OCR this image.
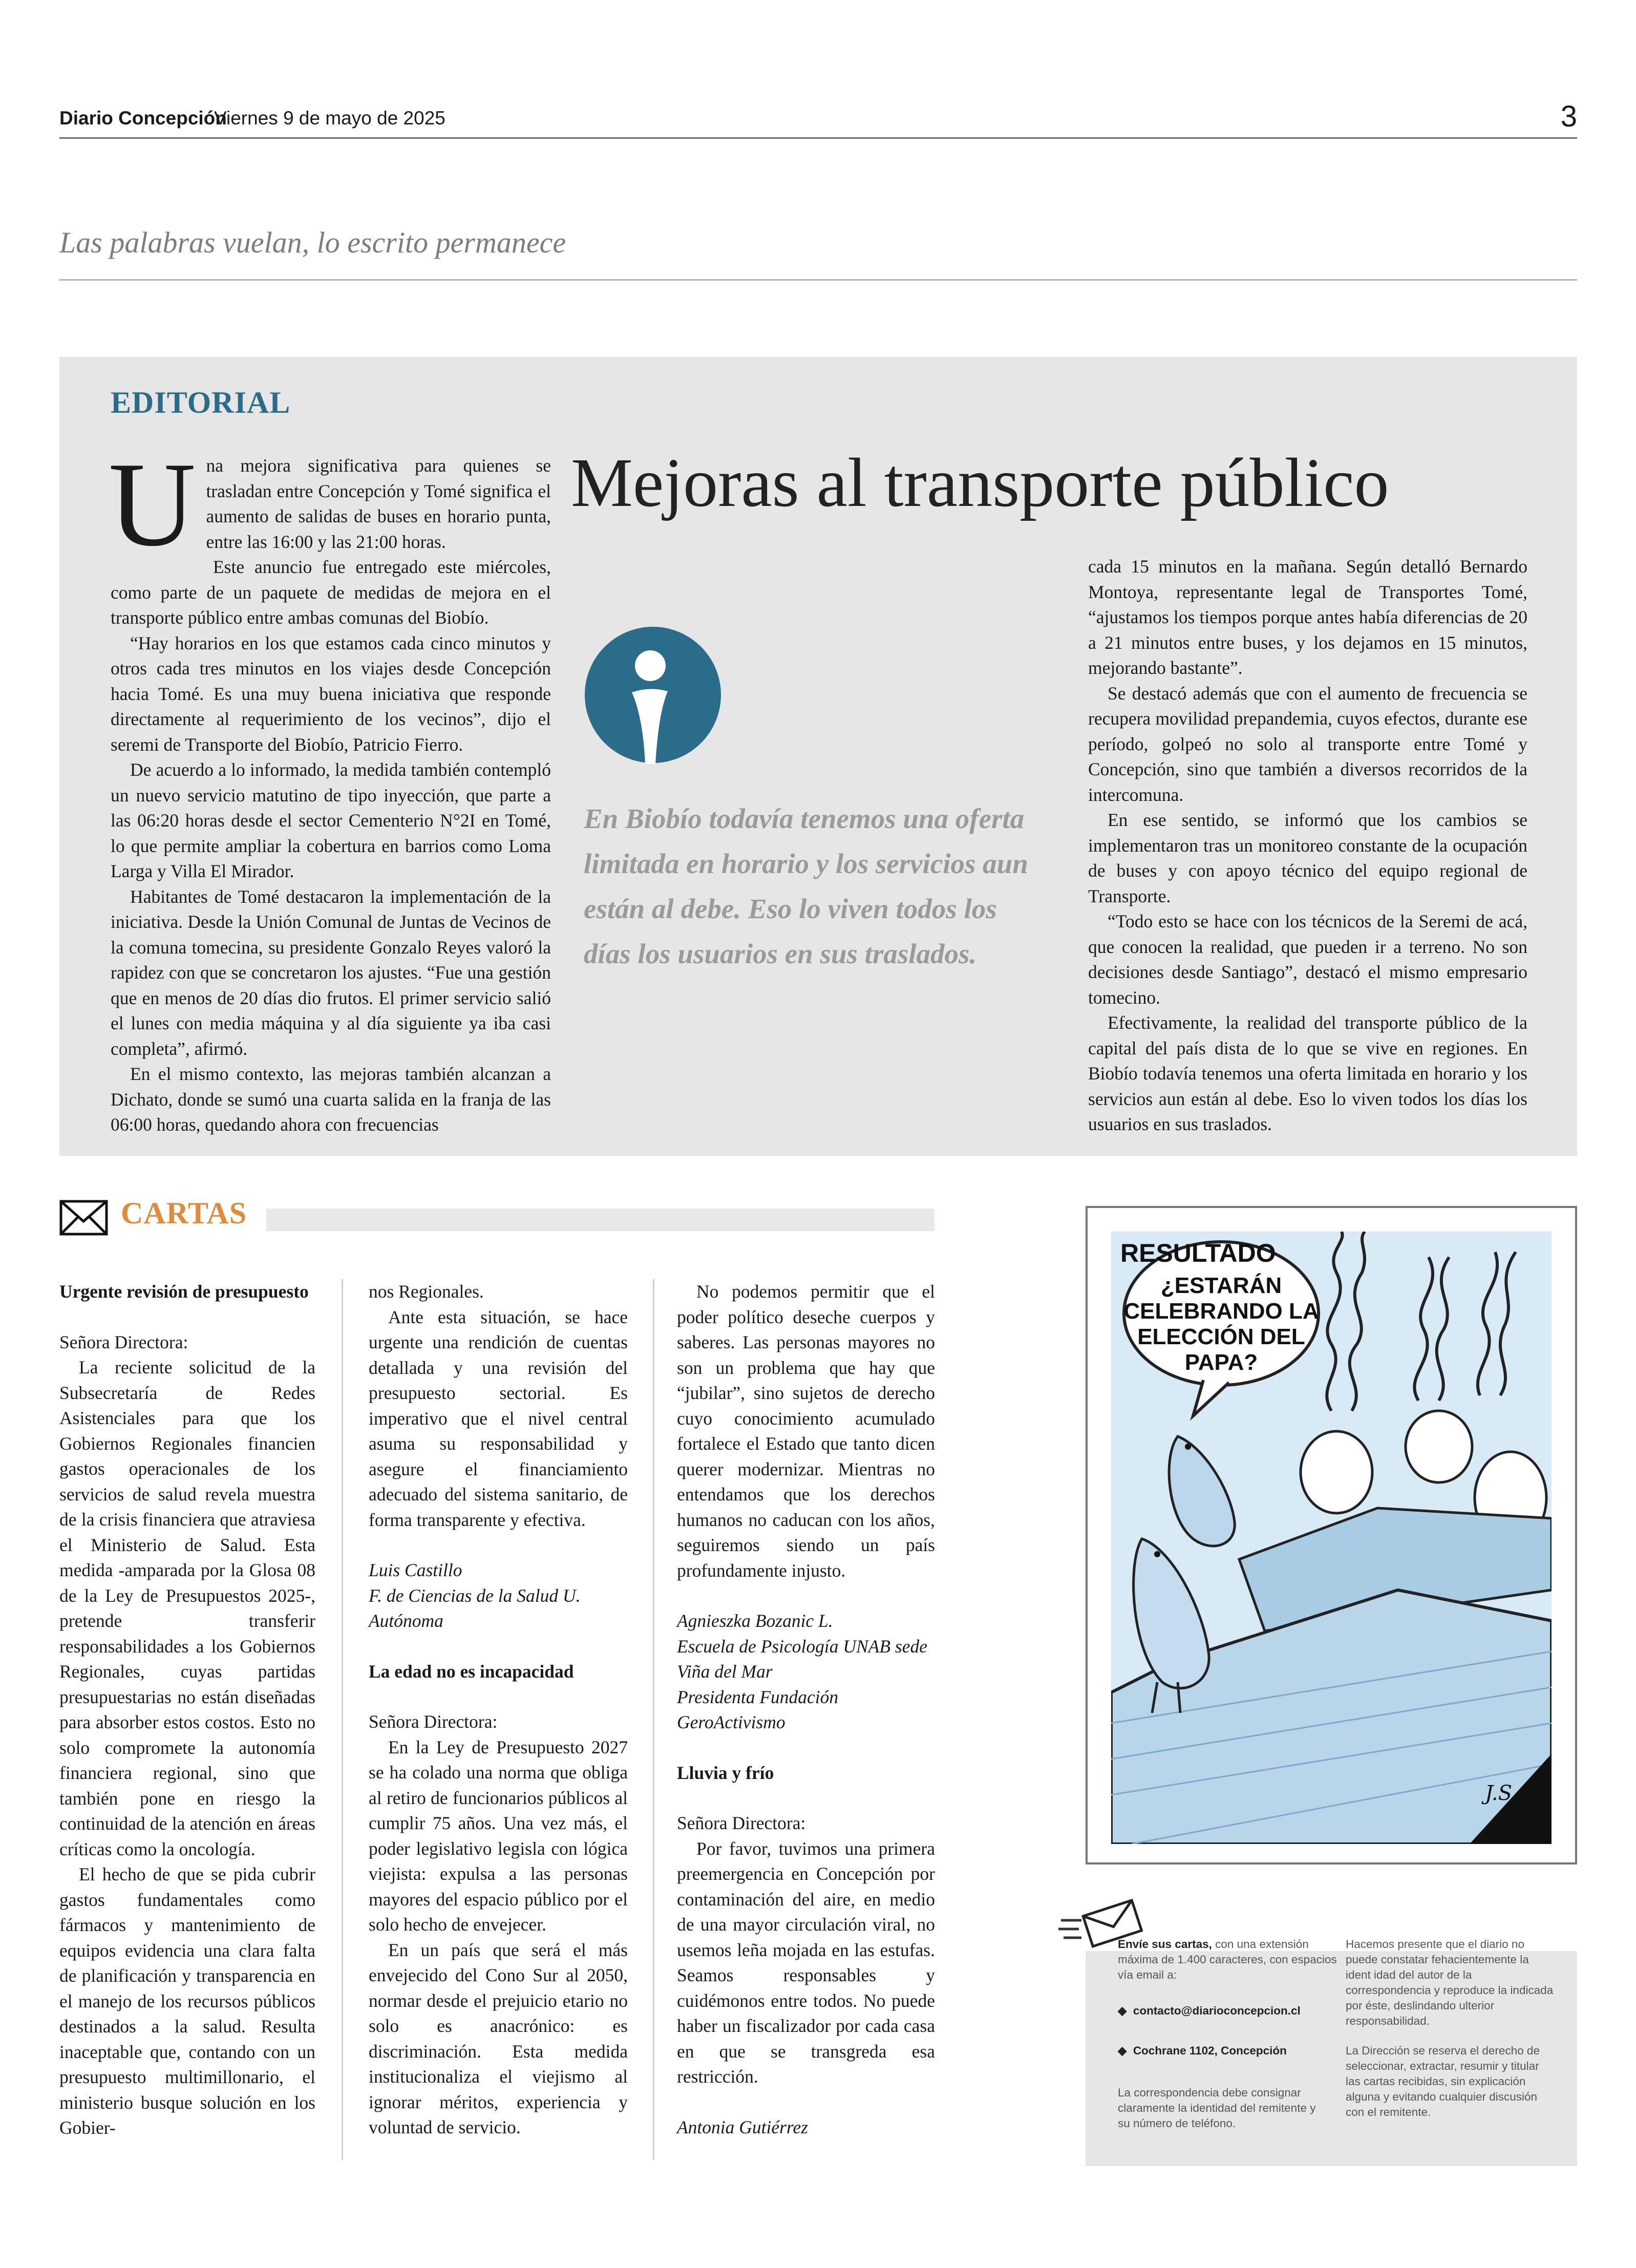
Diario Concepción
Viernes 9 de mayo de 2025	3
Las palabras vuelan, lo escrito permanece
EDITORIAL
Mejoras al transporte público
U na mejora significativa para quienes se trasladan entre Concepción y Tomé significa el aumento de salidas de buses en horario punta, entre las 16:00 y las 21:00 horas.

Este anuncio fue entregado este miércoles, como parte de un paquete de medidas de mejora en el transporte público entre ambas comunas del Biobío.

“Hay horarios en los que estamos cada cinco minutos y otros cada tres minutos en los viajes desde Concepción hacia Tomé. Es una muy buena iniciativa que responde directamente al requerimiento de los vecinos”, dijo el seremi de Transporte del Biobío, Patricio Fierro.

De acuerdo a lo informado, la medida también contempló un nuevo servicio matutino de tipo inyección, que parte a las 06:20 horas desde el sector Cementerio N°2I en Tomé, lo que permite ampliar la cobertura en barrios como Loma Larga y Villa El Mirador.

Habitantes de Tomé destacaron la implementación de la iniciativa. Desde la Unión Comunal de Juntas de Vecinos de la comuna tomecina, su presidente Gonzalo Reyes valoró la rapidez con que se concretaron los ajustes. “Fue una gestión que en menos de 20 días dio frutos. El primer servicio salió el lunes con media máquina y al día siguiente ya iba casi completa”, afirmó.

En el mismo contexto, las mejoras también alcanzan a Dichato, donde se sumó una cuarta salida en la franja de las 06:00 horas, quedando ahora con frecuencias

En Biobío todavía tenemos una oferta limitada en horario y los servicios aun están al debe. Eso lo viven todos los días los usuarios en sus traslados.

cada 15 minutos en la mañana. Según detalló Bernardo Montoya, representante legal de Transportes Tomé, “ajustamos los tiempos porque antes había diferencias de 20 a 21 minutos entre buses, y los dejamos en 15 minutos, mejorando bastante”.

Se destacó además que con el aumento de frecuencia se recupera movilidad prepandemia, cuyos efectos, durante ese período, golpeó no solo al transporte entre Tomé y Concepción, sino que también a diversos recorridos de la intercomuna.

En ese sentido, se informó que los cambios se implementaron tras un monitoreo constante de la ocupación de buses y con apoyo técnico del equipo regional de Transporte.

“Todo esto se hace con los técnicos de la Seremi de acá, que conocen la realidad, que pueden ir a terreno. No son decisiones desde Santiago”, destacó el mismo empresario tomecino.

Efectivamente, la realidad del transporte público de la capital del país dista de lo que se vive en regiones. En Biobío todavía tenemos una oferta limitada en horario y los servicios aun están al debe. Eso lo viven todos los días los usuarios en sus traslados.

CARTAS

Urgente revisión de presupuesto

Señora Directora:

La reciente solicitud de la Subsecretaría de Redes Asistenciales para que los Gobiernos Regionales financien gastos operacionales de los servicios de salud revela muestra de la crisis financiera que atraviesa el Ministerio de Salud. Esta medida -amparada por la Glosa 08 de la Ley de Presupuestos 2025-, pretende transferir responsabilidades a los Gobiernos Regionales, cuyas partidas presupuestarias no están diseñadas para absorber estos costos. Esto no solo compromete la autonomía financiera regional, sino que también pone en riesgo la continuidad de la atención en áreas críticas como la oncología.

El hecho de que se pida cubrir gastos fundamentales como fármacos y mantenimiento de equipos evidencia una clara falta de planificación y transparencia en el manejo de los recursos públicos destinados a la salud. Resulta inaceptable que, contando con un presupuesto multimillonario, el ministerio busque solución en los Gobier-

nos Regionales.

Ante esta situación, se hace urgente una rendición de cuentas detallada y una revisión del presupuesto sectorial. Es imperativo que el nivel central asuma su responsabilidad y asegure el financiamiento adecuado del sistema sanitario, de forma transparente y efectiva.

Luis Castillo

F. de Ciencias de la Salud U. Autónoma

La edad no es incapacidad

Señora Directora:

En la Ley de Presupuesto 2027 se ha colado una norma que obliga al retiro de funcionarios públicos al cumplir 75 años. Una vez más, el poder legislativo legisla con lógica viejista: expulsa a las personas mayores del espacio público por el solo hecho de envejecer.

En un país que será el más envejecido del Cono Sur al 2050, normar desde el prejuicio etario no solo es anacrónico: es discriminación. Esta medida institucionaliza el viejismo al ignorar méritos, experiencia y voluntad de servicio.

No podemos permitir que el poder político deseche cuerpos y saberes. Las personas mayores no son un problema que hay que “jubilar”, sino sujetos de derecho cuyo conocimiento acumulado fortalece el Estado que tanto dicen querer modernizar. Mientras no entendamos que los derechos humanos no caducan con los años, seguiremos siendo un país profundamente injusto.

Agnieszka Bozanic L.

Escuela de Psicología UNAB sede Viña del Mar

Presidenta Fundación GeroActivismo

Lluvia y frío

Señora Directora:

Por favor, tuvimos una primera preemergencia en Concepción por contaminación del aire, en medio de una mayor circulación viral, no usemos leña mojada en las estufas. Seamos responsables y cuidémonos entre todos. No puede haber un fiscalizador por cada casa en que se transgreda esa restricción.

Antonia Gutiérrez

¿ESTARÁN
CELEBRANDO LA
ELECCIÓN DEL
PAPA?
J.S.
RESULTADO
Envíe sus cartas, con una extensión máxima de 1.400 caracteres, con espacios vía email a:
◆  contacto@diarioconcepcion.cl
◆  Cochrane 1102, Concepción
La correspondencia debe consignar claramente la identidad del remitente y su número de teléfono.
Hacemos presente que el diario no puede constatar fehacientemente la ident idad del autor de la correspondencia y reproduce la indicada por éste, deslindando ulterior responsabilidad.
La Dirección se reserva el derecho de seleccionar, extractar, resumir y titular las cartas recibidas, sin explicación alguna y evitando cualquier discusión con el remitente.
